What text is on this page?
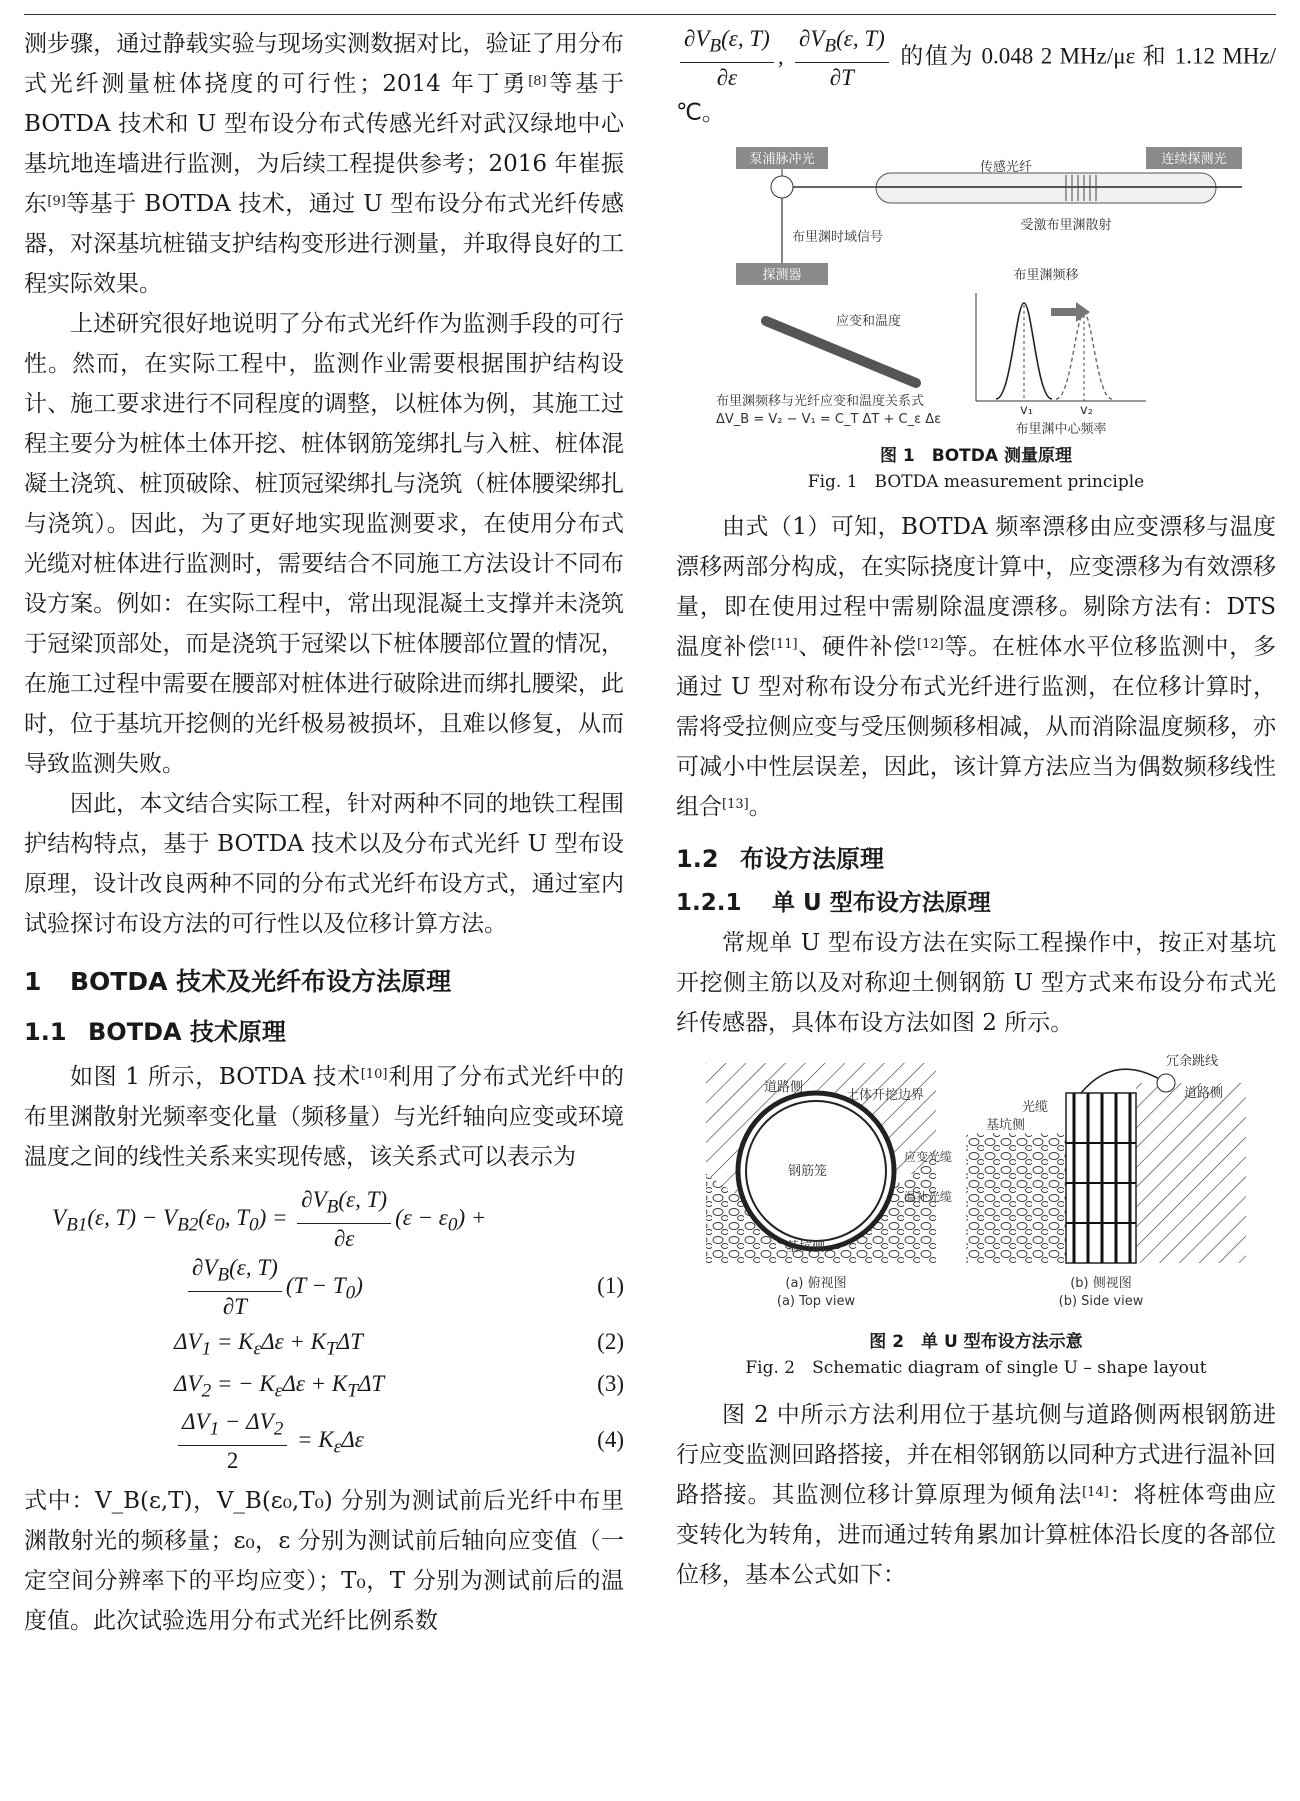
测步骤，通过静载实验与现场实测数据对比，验证了用分布式光纤测量桩体挠度的可行性；2014 年丁勇[8]等基于 BOTDA 技术和 U 型布设分布式传感光纤对武汉绿地中心基坑地连墙进行监测，为后续工程提供参考；2016 年崔振东[9]等基于 BOTDA 技术，通过 U 型布设分布式光纤传感器，对深基坑桩锚支护结构变形进行测量，并取得良好的工程实际效果。

上述研究很好地说明了分布式光纤作为监测手段的可行性。然而，在实际工程中，监测作业需要根据围护结构设计、施工要求进行不同程度的调整，以桩体为例，其施工过程主要分为桩体土体开挖、桩体钢筋笼绑扎与入桩、桩体混凝土浇筑、桩顶破除、桩顶冠梁绑扎与浇筑（桩体腰梁绑扎与浇筑）。因此，为了更好地实现监测要求，在使用分布式光缆对桩体进行监测时，需要结合不同施工方法设计不同布设方案。例如：在实际工程中，常出现混凝土支撑并未浇筑于冠梁顶部处，而是浇筑于冠梁以下桩体腰部位置的情况，在施工过程中需要在腰部对桩体进行破除进而绑扎腰梁，此时，位于基坑开挖侧的光纤极易被损坏，且难以修复，从而导致监测失败。

因此，本文结合实际工程，针对两种不同的地铁工程围护结构特点，基于 BOTDA 技术以及分布式光纤 U 型布设原理，设计改良两种不同的分布式光纤布设方式，通过室内试验探讨布设方法的可行性以及位移计算方法。

1 BOTDA 技术及光纤布设方法原理
1.1 BOTDA 技术原理

如图 1 所示，BOTDA 技术[10]利用了分布式光纤中的布里渊散射光频率变化量（频移量）与光纤轴向应变或环境温度之间的线性关系来实现传感，该关系式可以表示为

$V_{B1}(\varepsilon$, $T) - V_{B2}(\varepsilon_0$, $T_0) = \frac{\partial V_B(\varepsilon, T)}{\partial\varepsilon} (\varepsilon - \varepsilon_0)$ +
$\frac{\partial V_B(\varepsilon, T)}{\partial T} (T - T_0)$	(1)
$\Delta V_1 = K_\varepsilon\Delta\varepsilon + K_T\Delta T$	(2)
$\Delta V_2$ = − $K_\varepsilon\Delta\varepsilon + K_T\Delta T$	(3)
$\frac{\Delta V_1 - \Delta V_2}{2} = K_\varepsilon\Delta\varepsilon$	(4)

式中：V_B(ε,T)，V_B(ε₀,T₀) 分别为测试前后光纤中布里渊散射光的频移量；ε₀，ε 分别为测试前后轴向应变值（一定空间分辨率下的平均应变）；T₀，T 分别为测试前后的温度值。此次试验选用分布式光纤比例系数

$\frac{\partial V_B(\varepsilon, T)}{\partial\varepsilon}$ , $\frac{\partial V_B(\varepsilon, T)}{\partial T}$ 的值为 0.048 2 MHz/με 和 1.12 MHz/ ℃。
泵浦脉冲光	连续探测光
传感光纤
受激布里渊散射
布里渊时域信号
探测器
应变和温度
布里渊频移与光纤应变和温度关系式
ΔV_B = V₂ − V₁ = C_T ΔT + C_ε Δε
布里渊频移
v₁	v₂
布里渊中心频率

图 1　BOTDA 测量原理

Fig. 1　BOTDA measurement principle

由式（1）可知，BOTDA 频率漂移由应变漂移与温度漂移两部分构成，在实际挠度计算中，应变漂移为有效漂移量，即在使用过程中需剔除温度漂移。剔除方法有：DTS 温度补偿[11]、硬件补偿[12]等。在桩体水平位移监测中，多通过 U 型对称布设分布式光纤进行监测，在位移计算时，需将受拉侧应变与受压侧频移相减，从而消除温度频移，亦可减小中性层误差，因此，该计算方法应当为偶数频移线性组合[13]。

1.2 布设方法原理
1.2.1 单 U 型布设方法原理

常规单 U 型布设方法在实际工程操作中，按正对基坑开挖侧主筋以及对称迎土侧钢筋 U 型方式来布设分布式光纤传感器，具体布设方法如图 2 所示。

道路侧
土体开挖边界
钢筋笼
应变光缆
温补光缆
基坑侧
(a) 俯视图
(a) Top view
冗余跳线
道路侧
光缆
基坑侧
(b) 侧视图
(b) Side view

图 2　单 U 型布设方法示意

Fig. 2　Schematic diagram of single U – shape layout

图 2 中所示方法利用位于基坑侧与道路侧两根钢筋进行应变监测回路搭接，并在相邻钢筋以同种方式进行温补回路搭接。其监测位移计算原理为倾角法[14]：将桩体弯曲应变转化为转角，进而通过转角累加计算桩体沿长度的各部位位移，基本公式如下：
